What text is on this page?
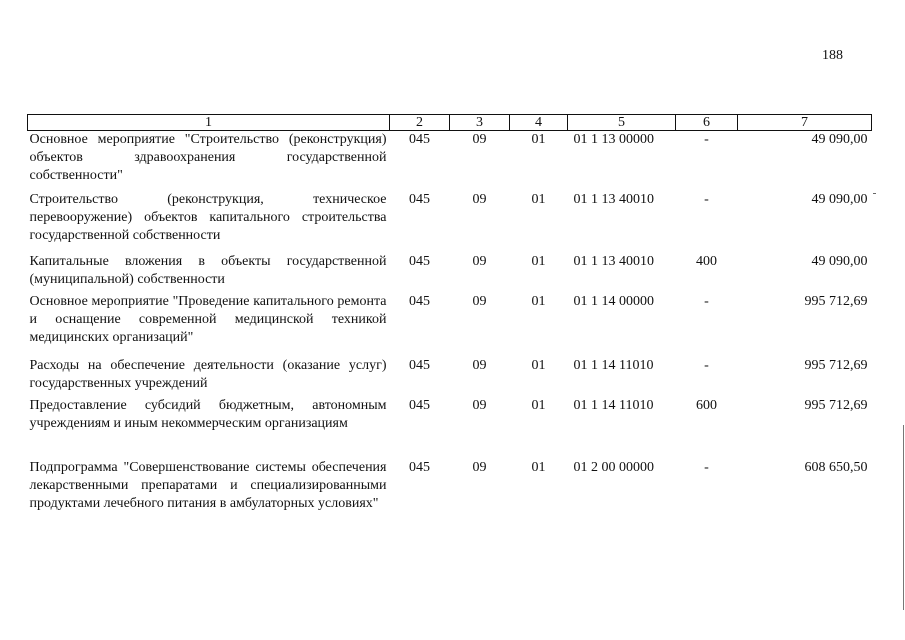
188
1	2	3	4	5	6	7
Основное мероприятие "Строительство (реконструкция) объектов здравоохранения государственной собственности"	045	09	01	01 1 13 00000	-	49 090,00
Строительство (реконструкция, техническое перевооружение) объектов капитального строительства государственной собственности	045	09	01	01 1 13 40010	-	49 090,00
Капитальные вложения в объекты государственной (муниципальной) собственности	045	09	01	01 1 13 40010	400	49 090,00
Основное мероприятие "Проведение капитального ремонта и оснащение современной медицинской техникой медицинских организаций"	045	09	01	01 1 14 00000	-	995 712,69
Расходы на обеспечение деятельности (оказание услуг) государственных учреждений	045	09	01	01 1 14 11010	-	995 712,69
Предоставление субсидий бюджетным, автономным учреждениям и иным некоммерческим организациям	045	09	01	01 1 14 11010	600	995 712,69
Подпрограмма "Совершенствование системы обеспечения лекарственными препаратами и специализированными продуктами лечебного питания в амбулаторных условиях"	045	09	01	01 2 00 00000	-	608 650,50
